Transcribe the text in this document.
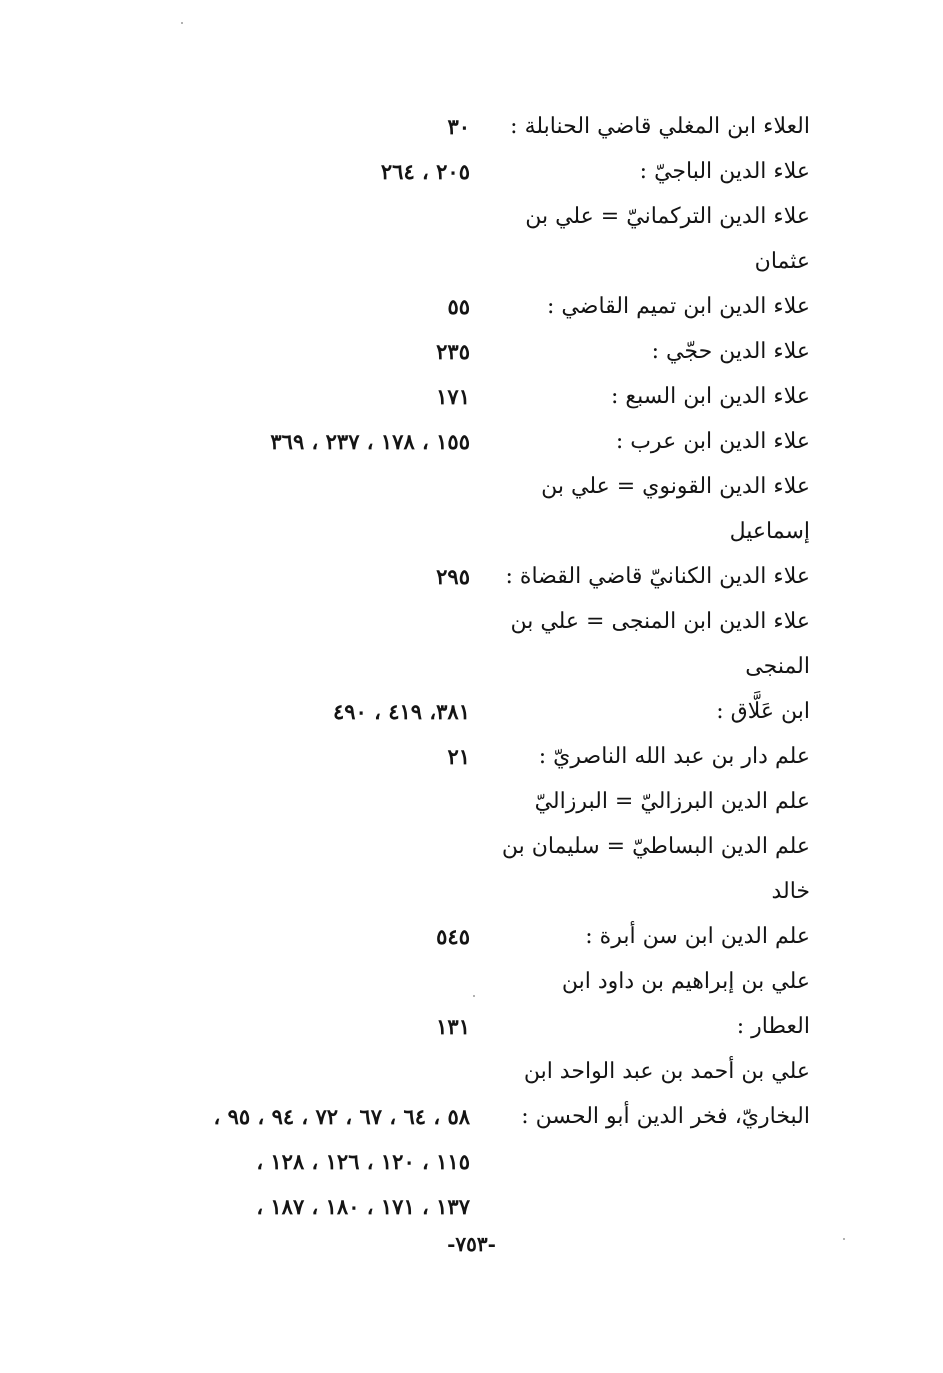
العلاء ابن المغلي قاضي الحنابلة :
٣٠
علاء الدين الباجيّ :
٢٠٥ ، ٢٦٤
علاء الدين التركمانيّ = علي بن
عثمان
علاء الدين ابن تميم القاضي :
٥٥
علاء الدين حجّي :
٢٣٥
علاء الدين ابن السبع :
١٧١
علاء الدين ابن عرب :
١٥٥ ، ١٧٨ ، ٢٣٧ ، ٣٦٩
علاء الدين القونوي = علي بن
إسماعيل
علاء الدين الكنانيّ قاضي القضاة :
٢٩٥
علاء الدين ابن المنجى = علي بن
المنجى
ابن عَلَّاق :
٣٨١، ٤١٩ ، ٤٩٠
علم دار بن عبد الله الناصريّ :
٢١
علم الدين البرزاليّ = البرزاليّ
علم الدين البساطيّ = سليمان بن
خالد
علم الدين ابن سن أبرة :
٥٤٥
علي بن إبراهيم بن داود ابن
العطار :
١٣١
علي بن أحمد بن عبد الواحد ابن
البخاريّ، فخر الدين أبو الحسن :
٥٨ ، ٦٤ ، ٦٧ ، ٧٢ ، ٩٤ ، ٩٥ ،
١١٥ ، ١٢٠ ، ١٢٦ ، ١٢٨ ،
١٣٧ ، ١٧١ ، ١٨٠ ، ١٨٧ ،
-٧٥٣-
